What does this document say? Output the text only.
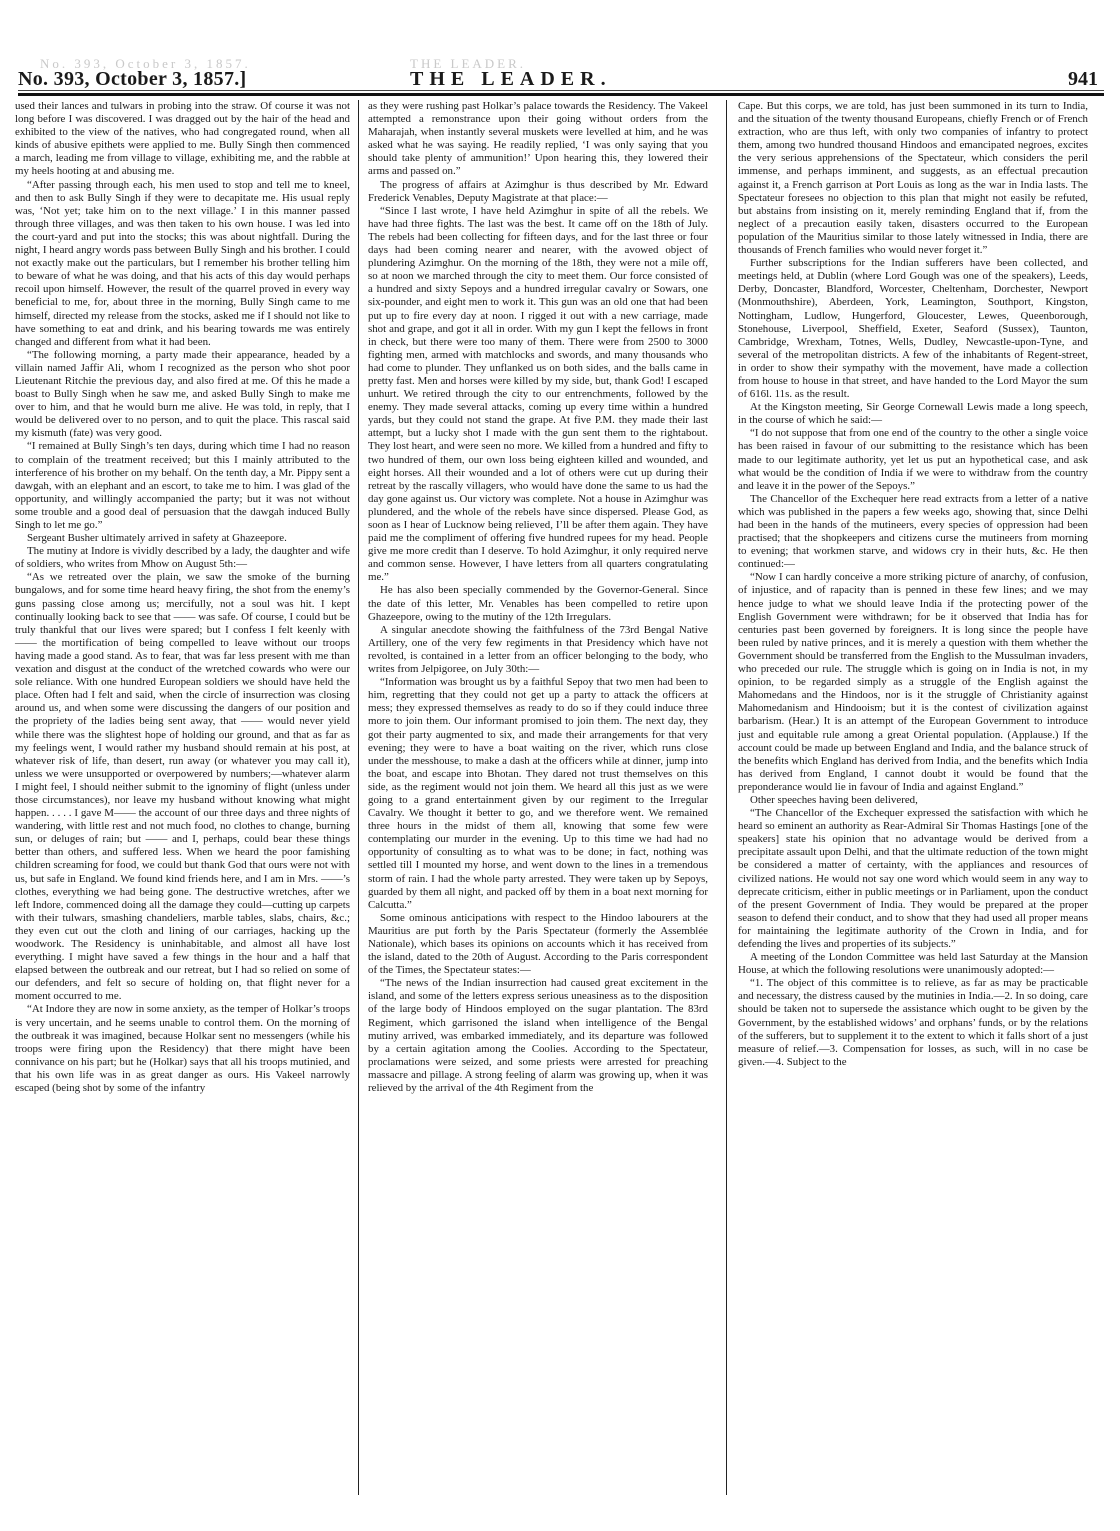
No. 393, October 3, 1857.	THE LEADER.
No. 393, October 3, 1857.]	THE LEADER.	941

used their lances and tulwars in probing into the straw. Of course it was not long before I was discovered. I was dragged out by the hair of the head and exhibited to the view of the natives, who had congregated round, when all kinds of abusive epithets were applied to me. Bully Singh then commenced a march, leading me from village to village, exhibiting me, and the rabble at my heels hooting at and abusing me.

“After passing through each, his men used to stop and tell me to kneel, and then to ask Bully Singh if they were to decapitate me. His usual reply was, ‘Not yet; take him on to the next village.’ I in this manner passed through three villages, and was then taken to his own house. I was led into the court-yard and put into the stocks; this was about nightfall. During the night, I heard angry words pass between Bully Singh and his brother. I could not exactly make out the particulars, but I remember his brother telling him to beware of what he was doing, and that his acts of this day would perhaps recoil upon himself. However, the result of the quarrel proved in every way beneficial to me, for, about three in the morning, Bully Singh came to me himself, directed my release from the stocks, asked me if I should not like to have something to eat and drink, and his bearing towards me was entirely changed and different from what it had been.

“The following morning, a party made their appearance, headed by a villain named Jaffir Ali, whom I recognized as the person who shot poor Lieutenant Ritchie the previous day, and also fired at me. Of this he made a boast to Bully Singh when he saw me, and asked Bully Singh to make me over to him, and that he would burn me alive. He was told, in reply, that I would be delivered over to no person, and to quit the place. This rascal said my kismuth (fate) was very good.

“I remained at Bully Singh’s ten days, during which time I had no reason to complain of the treatment received; but this I mainly attributed to the interference of his brother on my behalf. On the tenth day, a Mr. Pippy sent a dawgah, with an elephant and an escort, to take me to him. I was glad of the opportunity, and willingly accompanied the party; but it was not without some trouble and a good deal of persuasion that the dawgah induced Bully Singh to let me go.”

Sergeant Busher ultimately arrived in safety at Ghazeepore.

The mutiny at Indore is vividly described by a lady, the daughter and wife of soldiers, who writes from Mhow on August 5th:—

“As we retreated over the plain, we saw the smoke of the burning bungalows, and for some time heard heavy firing, the shot from the enemy’s guns passing close among us; mercifully, not a soul was hit. I kept continually looking back to see that —— was safe. Of course, I could but be truly thankful that our lives were spared; but I confess I felt keenly with —— the mortification of being compelled to leave without our troops having made a good stand. As to fear, that was far less present with me than vexation and disgust at the conduct of the wretched cowards who were our sole reliance. With one hundred European soldiers we should have held the place. Often had I felt and said, when the circle of insurrection was closing around us, and when some were discussing the dangers of our position and the propriety of the ladies being sent away, that —— would never yield while there was the slightest hope of holding our ground, and that as far as my feelings went, I would rather my husband should remain at his post, at whatever risk of life, than desert, run away (or whatever you may call it), unless we were unsupported or overpowered by numbers;—whatever alarm I might feel, I should neither submit to the ignominy of flight (unless under those circumstances), nor leave my husband without knowing what might happen. . . . . I gave M—— the account of our three days and three nights of wandering, with little rest and not much food, no clothes to change, burning sun, or deluges of rain; but —— and I, perhaps, could bear these things better than others, and suffered less. When we heard the poor famishing children screaming for food, we could but thank God that ours were not with us, but safe in England. We found kind friends here, and I am in Mrs. ——’s clothes, everything we had being gone. The destructive wretches, after we left Indore, commenced doing all the damage they could—cutting up carpets with their tulwars, smashing chandeliers, marble tables, slabs, chairs, &c.; they even cut out the cloth and lining of our carriages, hacking up the woodwork. The Residency is uninhabitable, and almost all have lost everything. I might have saved a few things in the hour and a half that elapsed between the outbreak and our retreat, but I had so relied on some of our defenders, and felt so secure of holding on, that flight never for a moment occurred to me.

“At Indore they are now in some anxiety, as the temper of Holkar’s troops is very uncertain, and he seems unable to control them. On the morning of the outbreak it was imagined, because Holkar sent no messengers (while his troops were firing upon the Residency) that there might have been connivance on his part; but he (Holkar) says that all his troops mutinied, and that his own life was in as great danger as ours. His Vakeel narrowly escaped (being shot by some of the infantry

as they were rushing past Holkar’s palace towards the Residency. The Vakeel attempted a remonstrance upon their going without orders from the Maharajah, when instantly several muskets were levelled at him, and he was asked what he was saying. He readily replied, ‘I was only saying that you should take plenty of ammunition!’ Upon hearing this, they lowered their arms and passed on.”

The progress of affairs at Azimghur is thus described by Mr. Edward Frederick Venables, Deputy Magistrate at that place:—

“Since I last wrote, I have held Azimghur in spite of all the rebels. We have had three fights. The last was the best. It came off on the 18th of July. The rebels had been collecting for fifteen days, and for the last three or four days had been coming nearer and nearer, with the avowed object of plundering Azimghur. On the morning of the 18th, they were not a mile off, so at noon we marched through the city to meet them. Our force consisted of a hundred and sixty Sepoys and a hundred irregular cavalry or Sowars, one six-pounder, and eight men to work it. This gun was an old one that had been put up to fire every day at noon. I rigged it out with a new carriage, made shot and grape, and got it all in order. With my gun I kept the fellows in front in check, but there were too many of them. There were from 2500 to 3000 fighting men, armed with matchlocks and swords, and many thousands who had come to plunder. They unflanked us on both sides, and the balls came in pretty fast. Men and horses were killed by my side, but, thank God! I escaped unhurt. We retired through the city to our entrenchments, followed by the enemy. They made several attacks, coming up every time within a hundred yards, but they could not stand the grape. At five P.M. they made their last attempt, but a lucky shot I made with the gun sent them to the rightabout. They lost heart, and were seen no more. We killed from a hundred and fifty to two hundred of them, our own loss being eighteen killed and wounded, and eight horses. All their wounded and a lot of others were cut up during their retreat by the rascally villagers, who would have done the same to us had the day gone against us. Our victory was complete. Not a house in Azimghur was plundered, and the whole of the rebels have since dispersed. Please God, as soon as I hear of Lucknow being relieved, I’ll be after them again. They have paid me the compliment of offering five hundred rupees for my head. People give me more credit than I deserve. To hold Azimghur, it only required nerve and common sense. However, I have letters from all quarters congratulating me.”

He has also been specially commended by the Governor-General. Since the date of this letter, Mr. Venables has been compelled to retire upon Ghazeepore, owing to the mutiny of the 12th Irregulars.

A singular anecdote showing the faithfulness of the 73rd Bengal Native Artillery, one of the very few regiments in that Presidency which have not revolted, is contained in a letter from an officer belonging to the body, who writes from Jelpigoree, on July 30th:—

“Information was brought us by a faithful Sepoy that two men had been to him, regretting that they could not get up a party to attack the officers at mess; they expressed themselves as ready to do so if they could induce three more to join them. Our informant promised to join them. The next day, they got their party augmented to six, and made their arrangements for that very evening; they were to have a boat waiting on the river, which runs close under the messhouse, to make a dash at the officers while at dinner, jump into the boat, and escape into Bhotan. They dared not trust themselves on this side, as the regiment would not join them. We heard all this just as we were going to a grand entertainment given by our regiment to the Irregular Cavalry. We thought it better to go, and we therefore went. We remained three hours in the midst of them all, knowing that some few were contemplating our murder in the evening. Up to this time we had had no opportunity of consulting as to what was to be done; in fact, nothing was settled till I mounted my horse, and went down to the lines in a tremendous storm of rain. I had the whole party arrested. They were taken up by Sepoys, guarded by them all night, and packed off by them in a boat next morning for Calcutta.”

Some ominous anticipations with respect to the Hindoo labourers at the Mauritius are put forth by the Paris Spectateur (formerly the Assemblée Nationale), which bases its opinions on accounts which it has received from the island, dated to the 20th of August. According to the Paris correspondent of the Times, the Spectateur states:—

“The news of the Indian insurrection had caused great excitement in the island, and some of the letters express serious uneasiness as to the disposition of the large body of Hindoos employed on the sugar plantation. The 83rd Regiment, which garrisoned the island when intelligence of the Bengal mutiny arrived, was embarked immediately, and its departure was followed by a certain agitation among the Coolies. According to the Spectateur, proclamations were seized, and some priests were arrested for preaching massacre and pillage. A strong feeling of alarm was growing up, when it was relieved by the arrival of the 4th Regiment from the

Cape. But this corps, we are told, has just been summoned in its turn to India, and the situation of the twenty thousand Europeans, chiefly French or of French extraction, who are thus left, with only two companies of infantry to protect them, among two hundred thousand Hindoos and emancipated negroes, excites the very serious apprehensions of the Spectateur, which considers the peril immense, and perhaps imminent, and suggests, as an effectual precaution against it, a French garrison at Port Louis as long as the war in India lasts. The Spectateur foresees no objection to this plan that might not easily be refuted, but abstains from insisting on it, merely reminding England that if, from the neglect of a precaution easily taken, disasters occurred to the European population of the Mauritius similar to those lately witnessed in India, there are thousands of French families who would never forget it.”

Further subscriptions for the Indian sufferers have been collected, and meetings held, at Dublin (where Lord Gough was one of the speakers), Leeds, Derby, Doncaster, Blandford, Worcester, Cheltenham, Dorchester, Newport (Monmouthshire), Aberdeen, York, Leamington, Southport, Kingston, Nottingham, Ludlow, Hungerford, Gloucester, Lewes, Queenborough, Stonehouse, Liverpool, Sheffield, Exeter, Seaford (Sussex), Taunton, Cambridge, Wrexham, Totnes, Wells, Dudley, Newcastle-upon-Tyne, and several of the metropolitan districts. A few of the inhabitants of Regent-street, in order to show their sympathy with the movement, have made a collection from house to house in that street, and have handed to the Lord Mayor the sum of 616l. 11s. as the result.

At the Kingston meeting, Sir George Cornewall Lewis made a long speech, in the course of which he said:—

“I do not suppose that from one end of the country to the other a single voice has been raised in favour of our submitting to the resistance which has been made to our legitimate authority, yet let us put an hypothetical case, and ask what would be the condition of India if we were to withdraw from the country and leave it in the power of the Sepoys.”

The Chancellor of the Exchequer here read extracts from a letter of a native which was published in the papers a few weeks ago, showing that, since Delhi had been in the hands of the mutineers, every species of oppression had been practised; that the shopkeepers and citizens curse the mutineers from morning to evening; that workmen starve, and widows cry in their huts, &c. He then continued:—

“Now I can hardly conceive a more striking picture of anarchy, of confusion, of injustice, and of rapacity than is penned in these few lines; and we may hence judge to what we should leave India if the protecting power of the English Government were withdrawn; for be it observed that India has for centuries past been governed by foreigners. It is long since the people have been ruled by native princes, and it is merely a question with them whether the Government should be transferred from the English to the Mussulman invaders, who preceded our rule. The struggle which is going on in India is not, in my opinion, to be regarded simply as a struggle of the English against the Mahomedans and the Hindoos, nor is it the struggle of Christianity against Mahomedanism and Hindooism; but it is the contest of civilization against barbarism. (Hear.) It is an attempt of the European Government to introduce just and equitable rule among a great Oriental population. (Applause.) If the account could be made up between England and India, and the balance struck of the benefits which England has derived from India, and the benefits which India has derived from England, I cannot doubt it would be found that the preponderance would lie in favour of India and against England.”

Other speeches having been delivered,

“The Chancellor of the Exchequer expressed the satisfaction with which he heard so eminent an authority as Rear-Admiral Sir Thomas Hastings [one of the speakers] state his opinion that no advantage would be derived from a precipitate assault upon Delhi, and that the ultimate reduction of the town might be considered a matter of certainty, with the appliances and resources of civilized nations. He would not say one word which would seem in any way to deprecate criticism, either in public meetings or in Parliament, upon the conduct of the present Government of India. They would be prepared at the proper season to defend their conduct, and to show that they had used all proper means for maintaining the legitimate authority of the Crown in India, and for defending the lives and properties of its subjects.”

A meeting of the London Committee was held last Saturday at the Mansion House, at which the following resolutions were unanimously adopted:—

“1. The object of this committee is to relieve, as far as may be practicable and necessary, the distress caused by the mutinies in India.—2. In so doing, care should be taken not to supersede the assistance which ought to be given by the Government, by the established widows’ and orphans’ funds, or by the relations of the sufferers, but to supplement it to the extent to which it falls short of a just measure of relief.—3. Compensation for losses, as such, will in no case be given.—4. Subject to the
